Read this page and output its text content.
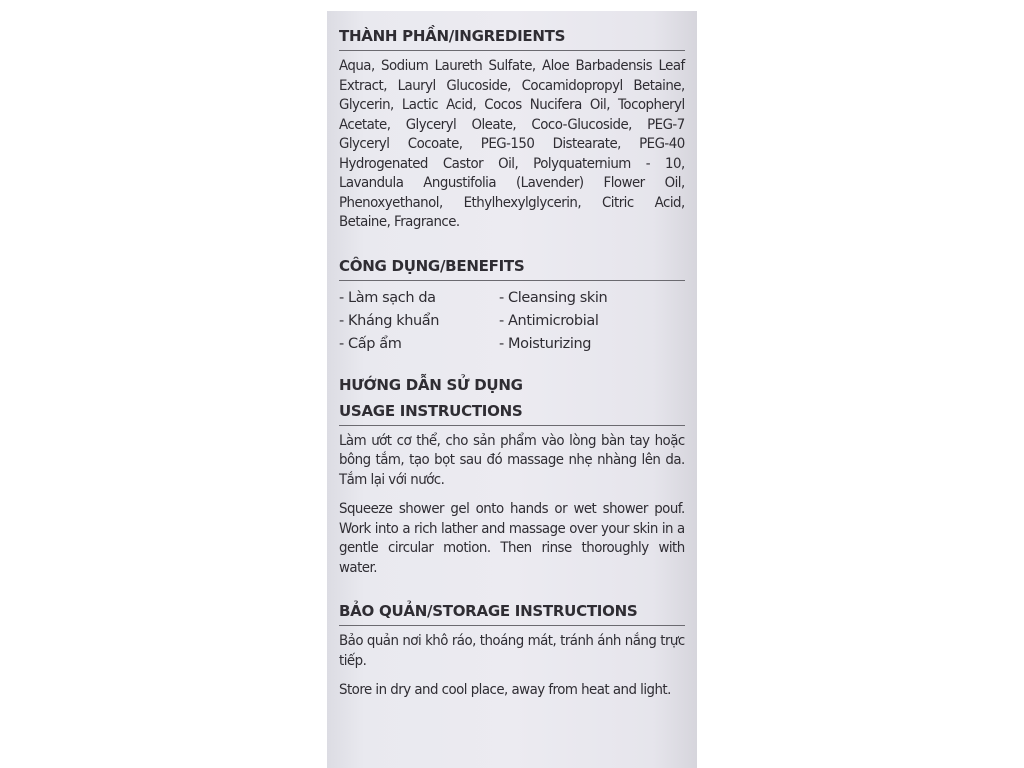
THÀNH PHẦN/INGREDIENTS
Aqua, Sodium Laureth Sulfate, Aloe Barbadensis Leaf Extract, Lauryl Glucoside, Cocamidopropyl Betaine, Glycerin, Lactic Acid, Cocos Nucifera Oil, Tocopheryl Acetate, Glyceryl Oleate, Coco-Glucoside, PEG-7 Glyceryl Cocoate, PEG-150 Distearate, PEG-40 Hydrogenated Castor Oil, Polyquaternium - 10, Lavandula Angustifolia (Lavender) Flower Oil, Phenoxyethanol, Ethylhexylglycerin, Citric Acid, Betaine, Fragrance.
CÔNG DỤNG/BENEFITS
- Làm sạch da	- Cleansing skin
- Kháng khuẩn	- Antimicrobial
- Cấp ẩm	- Moisturizing
HƯỚNG DẪN SỬ DỤNG
USAGE INSTRUCTIONS
Làm ướt cơ thể, cho sản phẩm vào lòng bàn tay hoặc bông tắm, tạo bọt sau đó massage nhẹ nhàng lên da. Tắm lại với nước.
Squeeze shower gel onto hands or wet shower pouf. Work into a rich lather and massage over your skin in a gentle circular motion. Then rinse thoroughly with water.
BẢO QUẢN/STORAGE INSTRUCTIONS
Bảo quản nơi khô ráo, thoáng mát, tránh ánh nắng trực tiếp.
Store in dry and cool place, away from heat and light.
